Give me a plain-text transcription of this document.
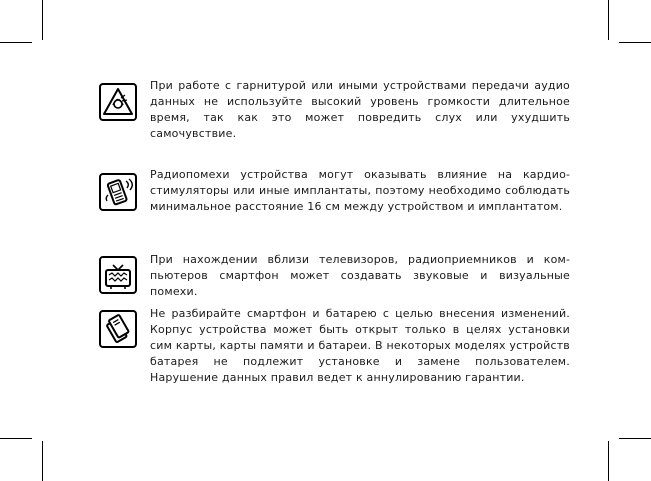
При работе с гарнитурой или иными устройствами передачи аудио данных не используйте высокий уровень громкости длительное время, так как это может повредить слух или ухудшить самочувствие.

Радиопомехи устройства могут оказывать влияние на кардиостимуляторы или иные имплантаты, поэтому необходимо соблюдать минимальное расстояние 16 см между устройством и имплантатом.

При нахождении вблизи телевизоров, радиоприемников и компьютеров смартфон может создавать звуковые и визуальные помехи.

Не разбирайте смартфон и батарею с целью внесения изменений. Корпус устройства может быть открыт только в целях установки сим карты, карты памяти и батареи. В некоторых моделях устройств батарея не подлежит установке и замене пользователем. Нарушение данных правил ведет к аннулированию гарантии.
